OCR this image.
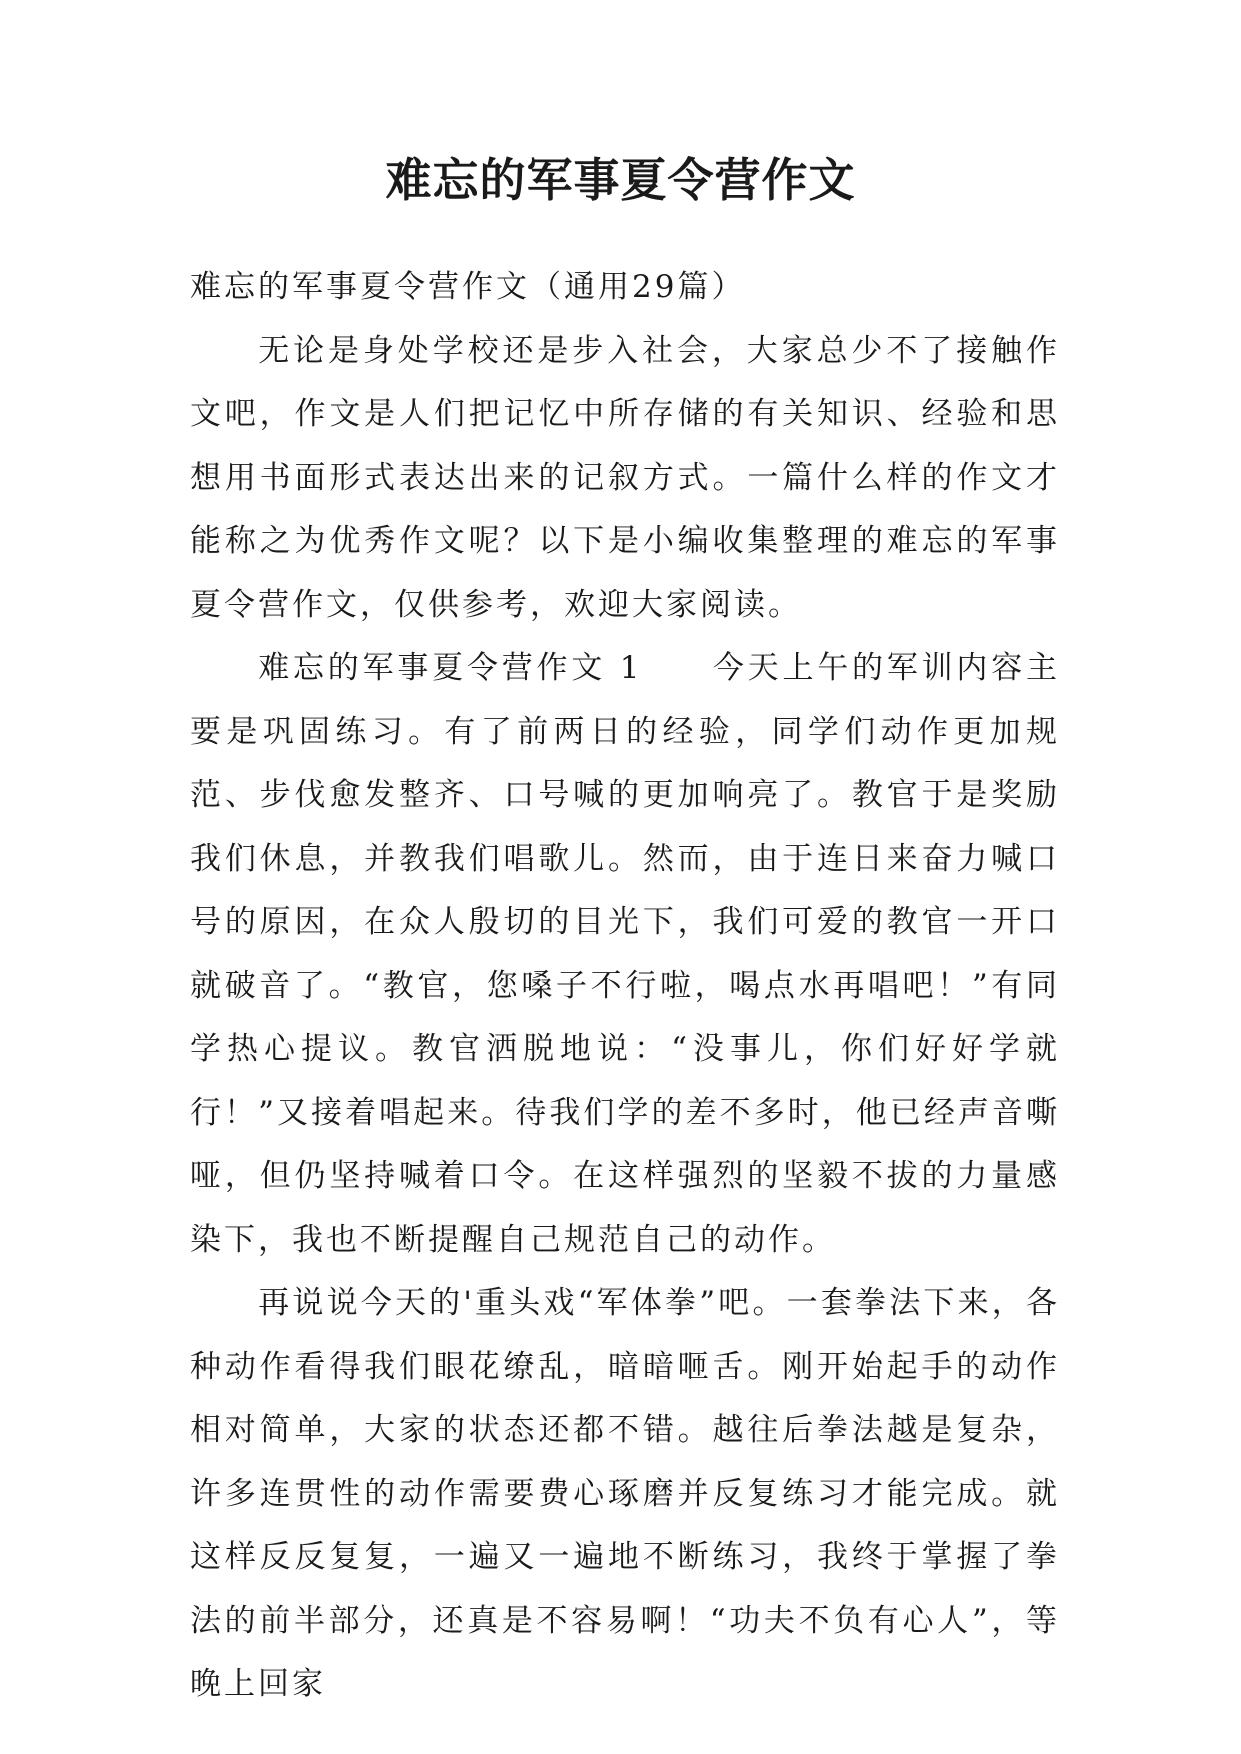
难忘的军事夏令营作文

难忘的军事夏令营作文（通用29篇）

无论是身处学校还是步入社会，大家总少不了接触作文吧，作文是人们把记忆中所存储的有关知识、经验和思想用书面形式表达出来的记叙方式。一篇什么样的作文才能称之为优秀作文呢？以下是小编收集整理的难忘的军事夏令营作文，仅供参考，欢迎大家阅读。

难忘的军事夏令营作文 1　　今天上午的军训内容主要是巩固练习。有了前两日的经验，同学们动作更加规范、步伐愈发整齐、口号喊的更加响亮了。教官于是奖励我们休息，并教我们唱歌儿。然而，由于连日来奋力喊口号的原因，在众人殷切的目光下，我们可爱的教官一开口就破音了。“教官，您嗓子不行啦，喝点水再唱吧！”有同学热心提议。教官洒脱地说：“没事儿，你们好好学就行！”又接着唱起来。待我们学的差不多时，他已经声音嘶哑，但仍坚持喊着口令。在这样强烈的坚毅不拔的力量感染下，我也不断提醒自己规范自己的动作。

再说说今天的'重头戏“军体拳”吧。一套拳法下来，各种动作看得我们眼花缭乱，暗暗咂舌。刚开始起手的动作相对简单，大家的状态还都不错。越往后拳法越是复杂，许多连贯性的动作需要费心琢磨并反复练习才能完成。就这样反反复复，一遍又一遍地不断练习，我终于掌握了拳法的前半部分，还真是不容易啊！“功夫不负有心人”，等晚上回家
